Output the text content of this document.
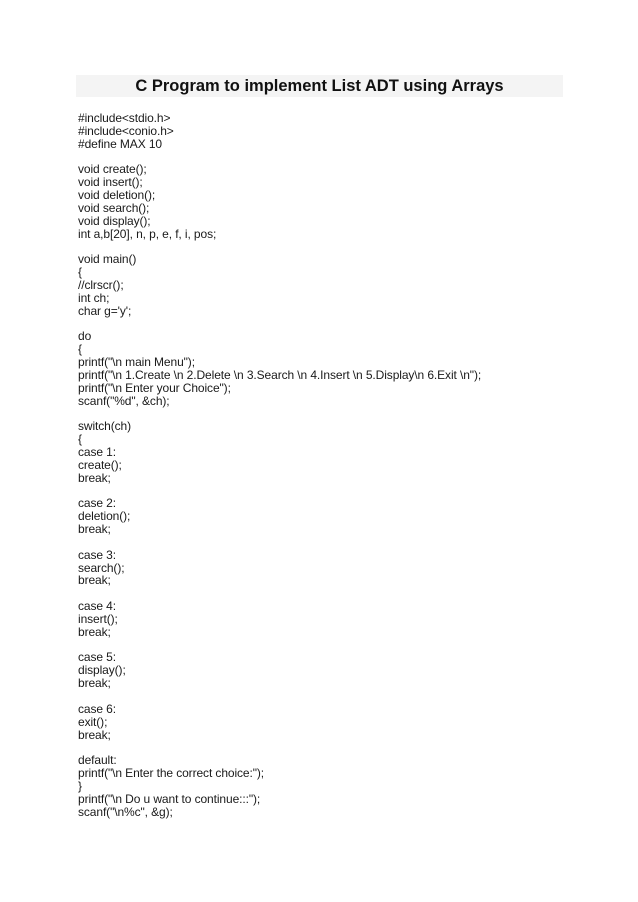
C Program to implement List ADT using Arrays
#include<stdio.h>
#include<conio.h>
#define MAX 10
void create();
void insert();
void deletion();
void search();
void display();
int a,b[20], n, p, e, f, i, pos;
void main()
{
//clrscr();
int ch;
char g='y';
do
{
printf("\n main Menu");
printf("\n 1.Create \n 2.Delete \n 3.Search \n 4.Insert \n 5.Display\n 6.Exit \n");
printf("\n Enter your Choice");
scanf("%d", &ch);
switch(ch)
{
case 1:
create();
break;
case 2:
deletion();
break;
case 3:
search();
break;
case 4:
insert();
break;
case 5:
display();
break;
case 6:
exit();
break;
default:
printf("\n Enter the correct choice:");
}
printf("\n Do u want to continue:::");
scanf("\n%c", &g);
